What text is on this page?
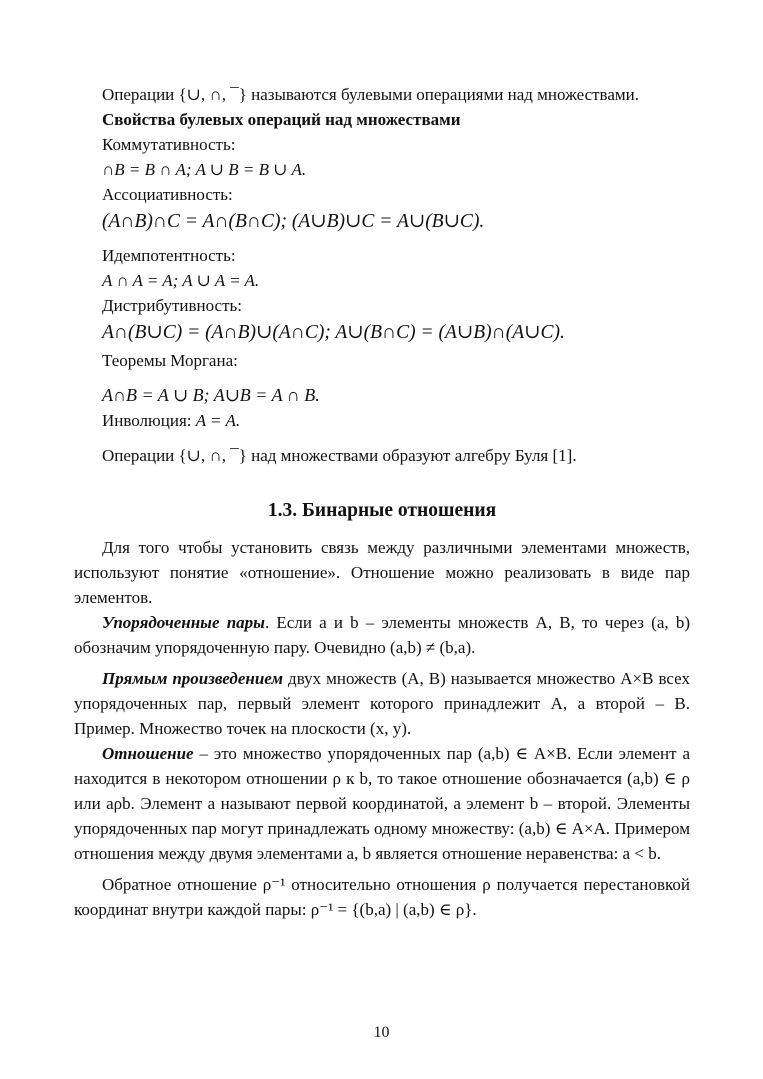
Операции {∪, ∩, ¯} называются булевыми операциями над множествами.

Свойства булевых операций над множествами

Коммутативность:

∩B = B ∩ A; A ∪ B = B ∪ A.

Ассоциативность:

(A∩B)∩C = A∩(B∩C); (A∪B)∪C = A∪(B∪C).

Идемпотентность:

A ∩ A = A; A ∪ A = A.

Дистрибутивность:

A∩(B∪C) = (A∩B)∪(A∩C); A∪(B∩C) = (A∪B)∩(A∪C).

Теоремы Моргана:

A∩B = A ∪ B; A∪B = A ∩ B.

Инволюция: A = A.

Операции {∪, ∩, ¯} над множествами образуют алгебру Буля [1].

1.3. Бинарные отношения

Для того чтобы установить связь между различными элементами множеств, используют понятие «отношение». Отношение можно реализовать в виде пар элементов.

Упорядоченные пары. Если a и b – элементы множеств A, B, то через (a, b) обозначим упорядоченную пару. Очевидно (a,b) ≠ (b,a).

Прямым произведением двух множеств (A, B) называется множество A×B всех упорядоченных пар, первый элемент которого принадлежит A, а второй – B. Пример. Множество точек на плоскости (x, y).

Отношение – это множество упорядоченных пар (a,b) ∈ A×B. Если элемент a находится в некотором отношении ρ к b, то такое отношение обозначается (a,b) ∈ ρ или aρb. Элемент a называют первой координатой, а элемент b – второй. Элементы упорядоченных пар могут принадлежать одному множеству: (a,b) ∈ A×A. Примером отношения между двумя элементами a, b является отношение неравенства: a < b.

Обратное отношение ρ⁻¹ относительно отношения ρ получается перестановкой координат внутри каждой пары: ρ⁻¹ = {(b,a) | (a,b) ∈ ρ}.

10
